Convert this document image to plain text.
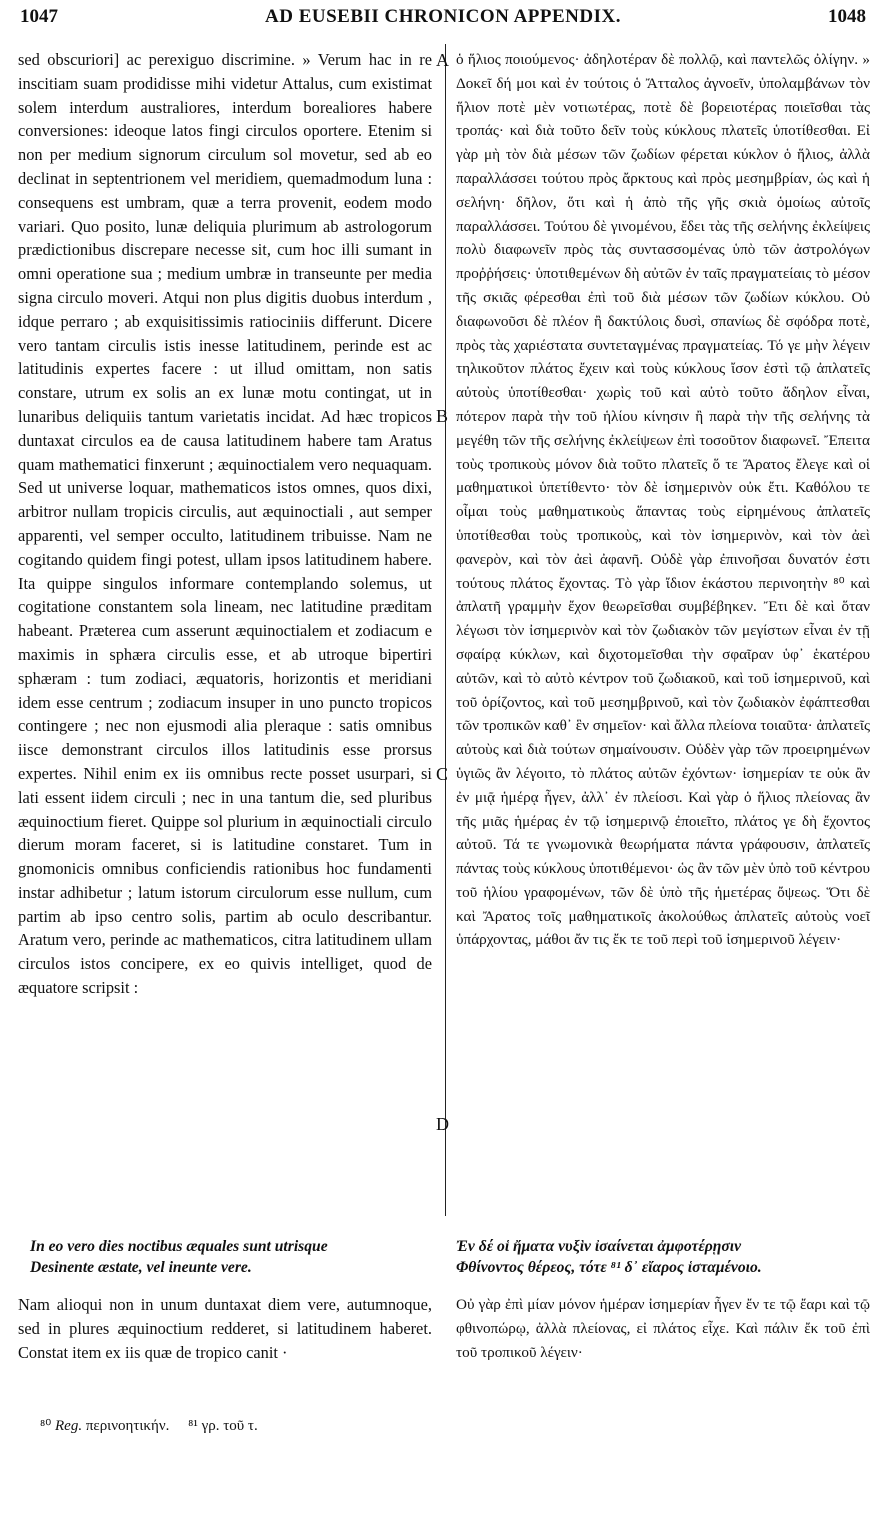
1047	AD EUSEBII CHRONICON APPENDIX.	1048
A
B
C
D

sed obscuriori] ac perexiguo discrimine. » Verum hac in re inscitiam suam prodidisse mihi videtur Attalus, cum existimat solem interdum australiores, interdum borealiores habere conversiones: ideoque latos fingi circulos oportere. Etenim si non per medium signorum circulum sol movetur, sed ab eo declinat in septentrionem vel meridiem, quemadmodum luna : consequens est umbram, quæ a terra provenit, eodem modo variari. Quo posito, lunæ deliquia plurimum ab astrologorum prædictionibus discrepare necesse sit, cum hoc illi sumant in omni operatione sua ; medium umbræ in transeunte per media signa circulo moveri. Atqui non plus digitis duobus interdum , idque perraro ; ab exquisitissimis ratiociniis differunt. Dicere vero tantam circulis istis inesse latitudinem, perinde est ac latitudinis expertes facere : ut illud omittam, non satis constare, utrum ex solis an ex lunæ motu contingat, ut in lunaribus deliquiis tantum varietatis incidat. Ad hæc tropicos duntaxat circulos ea de causa latitudinem habere tam Aratus quam mathematici finxerunt ; æquinoctialem vero nequaquam. Sed ut universe loquar, mathematicos istos omnes, quos dixi, arbitror nullam tropicis circulis, aut æquinoctiali , aut semper apparenti, vel semper occulto, latitudinem tribuisse. Nam ne cogitando quidem fingi potest, ullam ipsos latitudinem habere. Ita quippe singulos informare contemplando solemus, ut cogitatione constantem sola lineam, nec latitudine præditam habeant. Præterea cum asserunt æquinoctialem et zodiacum e maximis in sphæra circulis esse, et ab utroque bipertiri sphæram : tum zodiaci, æquatoris, horizontis et meridiani idem esse centrum ; zodiacum insuper in uno puncto tropicos contingere ; nec non ejusmodi alia pleraque : satis omnibus iisce demonstrant circulos illos latitudinis esse prorsus expertes. Nihil enim ex iis omnibus recte posset usurpari, si lati essent iidem circuli ; nec in una tantum die, sed pluribus æquinoctium fieret. Quippe sol plurium in æquinoctiali circulo dierum moram faceret, si is latitudine constaret. Tum in gnomonicis omnibus conficiendis rationibus hoc fundamenti instar adhibetur ; latum istorum circulorum esse nullum, cum partim ab ipso centro solis, partim ab oculo describantur. Aratum vero, perinde ac mathematicos, citra latitudinem ullam circulos istos concipere, ex eo quivis intelliget, quod de æquatore scripsit :

ὁ ἥλιος ποιούμενος· ἀδηλοτέραν δὲ πολλῷ, καὶ παντελῶς ὀλίγην. » Δοκεῖ δή μοι καὶ ἐν τούτοις ὁ Ἄτταλος ἀγνοεῖν, ὑπολαμβάνων τὸν ἥλιον ποτὲ μὲν νοτιωτέρας, ποτὲ δὲ βορειοτέρας ποιεῖσθαι τὰς τροπάς· καὶ διὰ τοῦτο δεῖν τοὺς κύκλους πλατεῖς ὑποτίθεσθαι. Εἰ γὰρ μὴ τὸν διὰ μέσων τῶν ζωδίων φέρεται κύκλον ὁ ἥλιος, ἀλλὰ παραλλάσσει τούτου πρὸς ἄρκτους καὶ πρὸς μεσημβρίαν, ὡς καὶ ἡ σελήνη· δῆλον, ὅτι καὶ ἡ ἀπὸ τῆς γῆς σκιὰ ὁμοίως αὐτοῖς παραλλάσσει. Τούτου δὲ γινομένου, ἔδει τὰς τῆς σελήνης ἐκλείψεις πολὺ διαφωνεῖν πρὸς τὰς συντασσομένας ὑπὸ τῶν ἀστρολόγων προῤῥήσεις· ὑποτιθεμένων δὴ αὐτῶν ἐν ταῖς πραγματείαις τὸ μέσον τῆς σκιᾶς φέρεσθαι ἐπὶ τοῦ διὰ μέσων τῶν ζωδίων κύκλου. Οὐ διαφωνοῦσι δὲ πλέον ἢ δακτύλοις δυσὶ, σπανίως δὲ σφόδρα ποτὲ, πρὸς τὰς χαριέστατα συντεταγμένας πραγματείας. Τό γε μὴν λέγειν τηλικοῦτον πλάτος ἔχειν καὶ τοὺς κύκλους ἴσον ἐστὶ τῷ ἀπλατεῖς αὐτοὺς ὑποτίθεσθαι· χωρὶς τοῦ καὶ αὐτὸ τοῦτο ἄδηλον εἶναι, πότερον παρὰ τὴν τοῦ ἡλίου κίνησιν ἢ παρὰ τὴν τῆς σελήνης τὰ μεγέθη τῶν τῆς σελήνης ἐκλείψεων ἐπὶ τοσοῦτον διαφωνεῖ. Ἔπειτα τοὺς τροπικοὺς μόνον διὰ τοῦτο πλατεῖς ὅ τε Ἄρατος ἔλεγε καὶ οἱ μαθηματικοὶ ὑπετίθεντο· τὸν δὲ ἰσημερινὸν οὐκ ἔτι. Καθόλου τε οἶμαι τοὺς μαθηματικοὺς ἅπαντας τοὺς εἰρημένους ἀπλατεῖς ὑποτίθεσθαι τοὺς τροπικοὺς, καὶ τὸν ἰσημερινὸν, καὶ τὸν ἀεὶ φανερὸν, καὶ τὸν ἀεὶ ἀφανῆ. Οὐδὲ γὰρ ἐπινοῆσαι δυνατόν ἐστι τούτους πλάτος ἔχοντας. Τὸ γὰρ ἴδιον ἑκάστου περινοητὴν ⁸⁰ καὶ ἀπλατῆ γραμμὴν ἔχον θεωρεῖσθαι συμβέβηκεν. Ἔτι δὲ καὶ ὅταν λέγωσι τὸν ἰσημερινὸν καὶ τὸν ζωδιακὸν τῶν μεγίστων εἶναι ἐν τῇ σφαίρᾳ κύκλων, καὶ διχοτομεῖσθαι τὴν σφαῖραν ὑφ᾽ ἑκατέρου αὐτῶν, καὶ τὸ αὐτὸ κέντρον τοῦ ζωδιακοῦ, καὶ τοῦ ἰσημερινοῦ, καὶ τοῦ ὁρίζοντος, καὶ τοῦ μεσημβρινοῦ, καὶ τὸν ζωδιακὸν ἐφάπτεσθαι τῶν τροπικῶν καθ᾽ ἓν σημεῖον· καὶ ἄλλα πλείονα τοιαῦτα· ἀπλατεῖς αὐτοὺς καὶ διὰ τούτων σημαίνουσιν. Οὐδὲν γὰρ τῶν προειρημένων ὑγιῶς ἂν λέγοιτο, τὸ πλάτος αὐτῶν ἐχόντων· ἰσημερίαν τε οὐκ ἂν ἐν μιᾷ ἡμέρᾳ ἦγεν, ἀλλ᾽ ἐν πλείοσι. Καὶ γὰρ ὁ ἥλιος πλείονας ἂν τῆς μιᾶς ἡμέρας ἐν τῷ ἰσημερινῷ ἐποιεῖτο, πλάτος γε δὴ ἔχοντος αὐτοῦ. Τά τε γνωμονικὰ θεωρήματα πάντα γράφουσιν, ἀπλατεῖς πάντας τοὺς κύκλους ὑποτιθέμενοι· ὡς ἂν τῶν μὲν ὑπὸ τοῦ κέντρου τοῦ ἡλίου γραφομένων, τῶν δὲ ὑπὸ τῆς ἡμετέρας ὄψεως. Ὅτι δὲ καὶ Ἄρατος τοῖς μαθηματικοῖς ἀκολούθως ἀπλατεῖς αὐτοὺς νοεῖ ὑπάρχοντας, μάθοι ἄν τις ἔκ τε τοῦ περὶ τοῦ ἰσημερινοῦ λέγειν·

In eo vero dies noctibus æquales sunt utrisque
Desinente æstate, vel ineunte vere.
Ἐν δέ οἱ ἤματα νυξὶν ἰσαίνεται ἀμφοτέρῃσιν
Φθίνοντος θέρεος, τότε ⁸¹ δ᾽ εἴαρος ἱσταμένοιο.
Nam alioqui non in unum duntaxat diem vere, autumnoque, sed in plures æquinoctium redderet, si latitudinem haberet. Constat item ex iis quæ de tropico canit ·
Οὐ γὰρ ἐπὶ μίαν μόνον ἡμέραν ἰσημερίαν ἦγεν ἔν τε τῷ ἔαρι καὶ τῷ φθινοπώρῳ, ἀλλὰ πλείονας, εἰ πλάτος εἶχε. Καὶ πάλιν ἔκ τοῦ ἐπὶ τοῦ τροπικοῦ λέγειν·
⁸⁰ Reg. περινοητικήν. ⁸¹ γρ. τοῦ τ.
